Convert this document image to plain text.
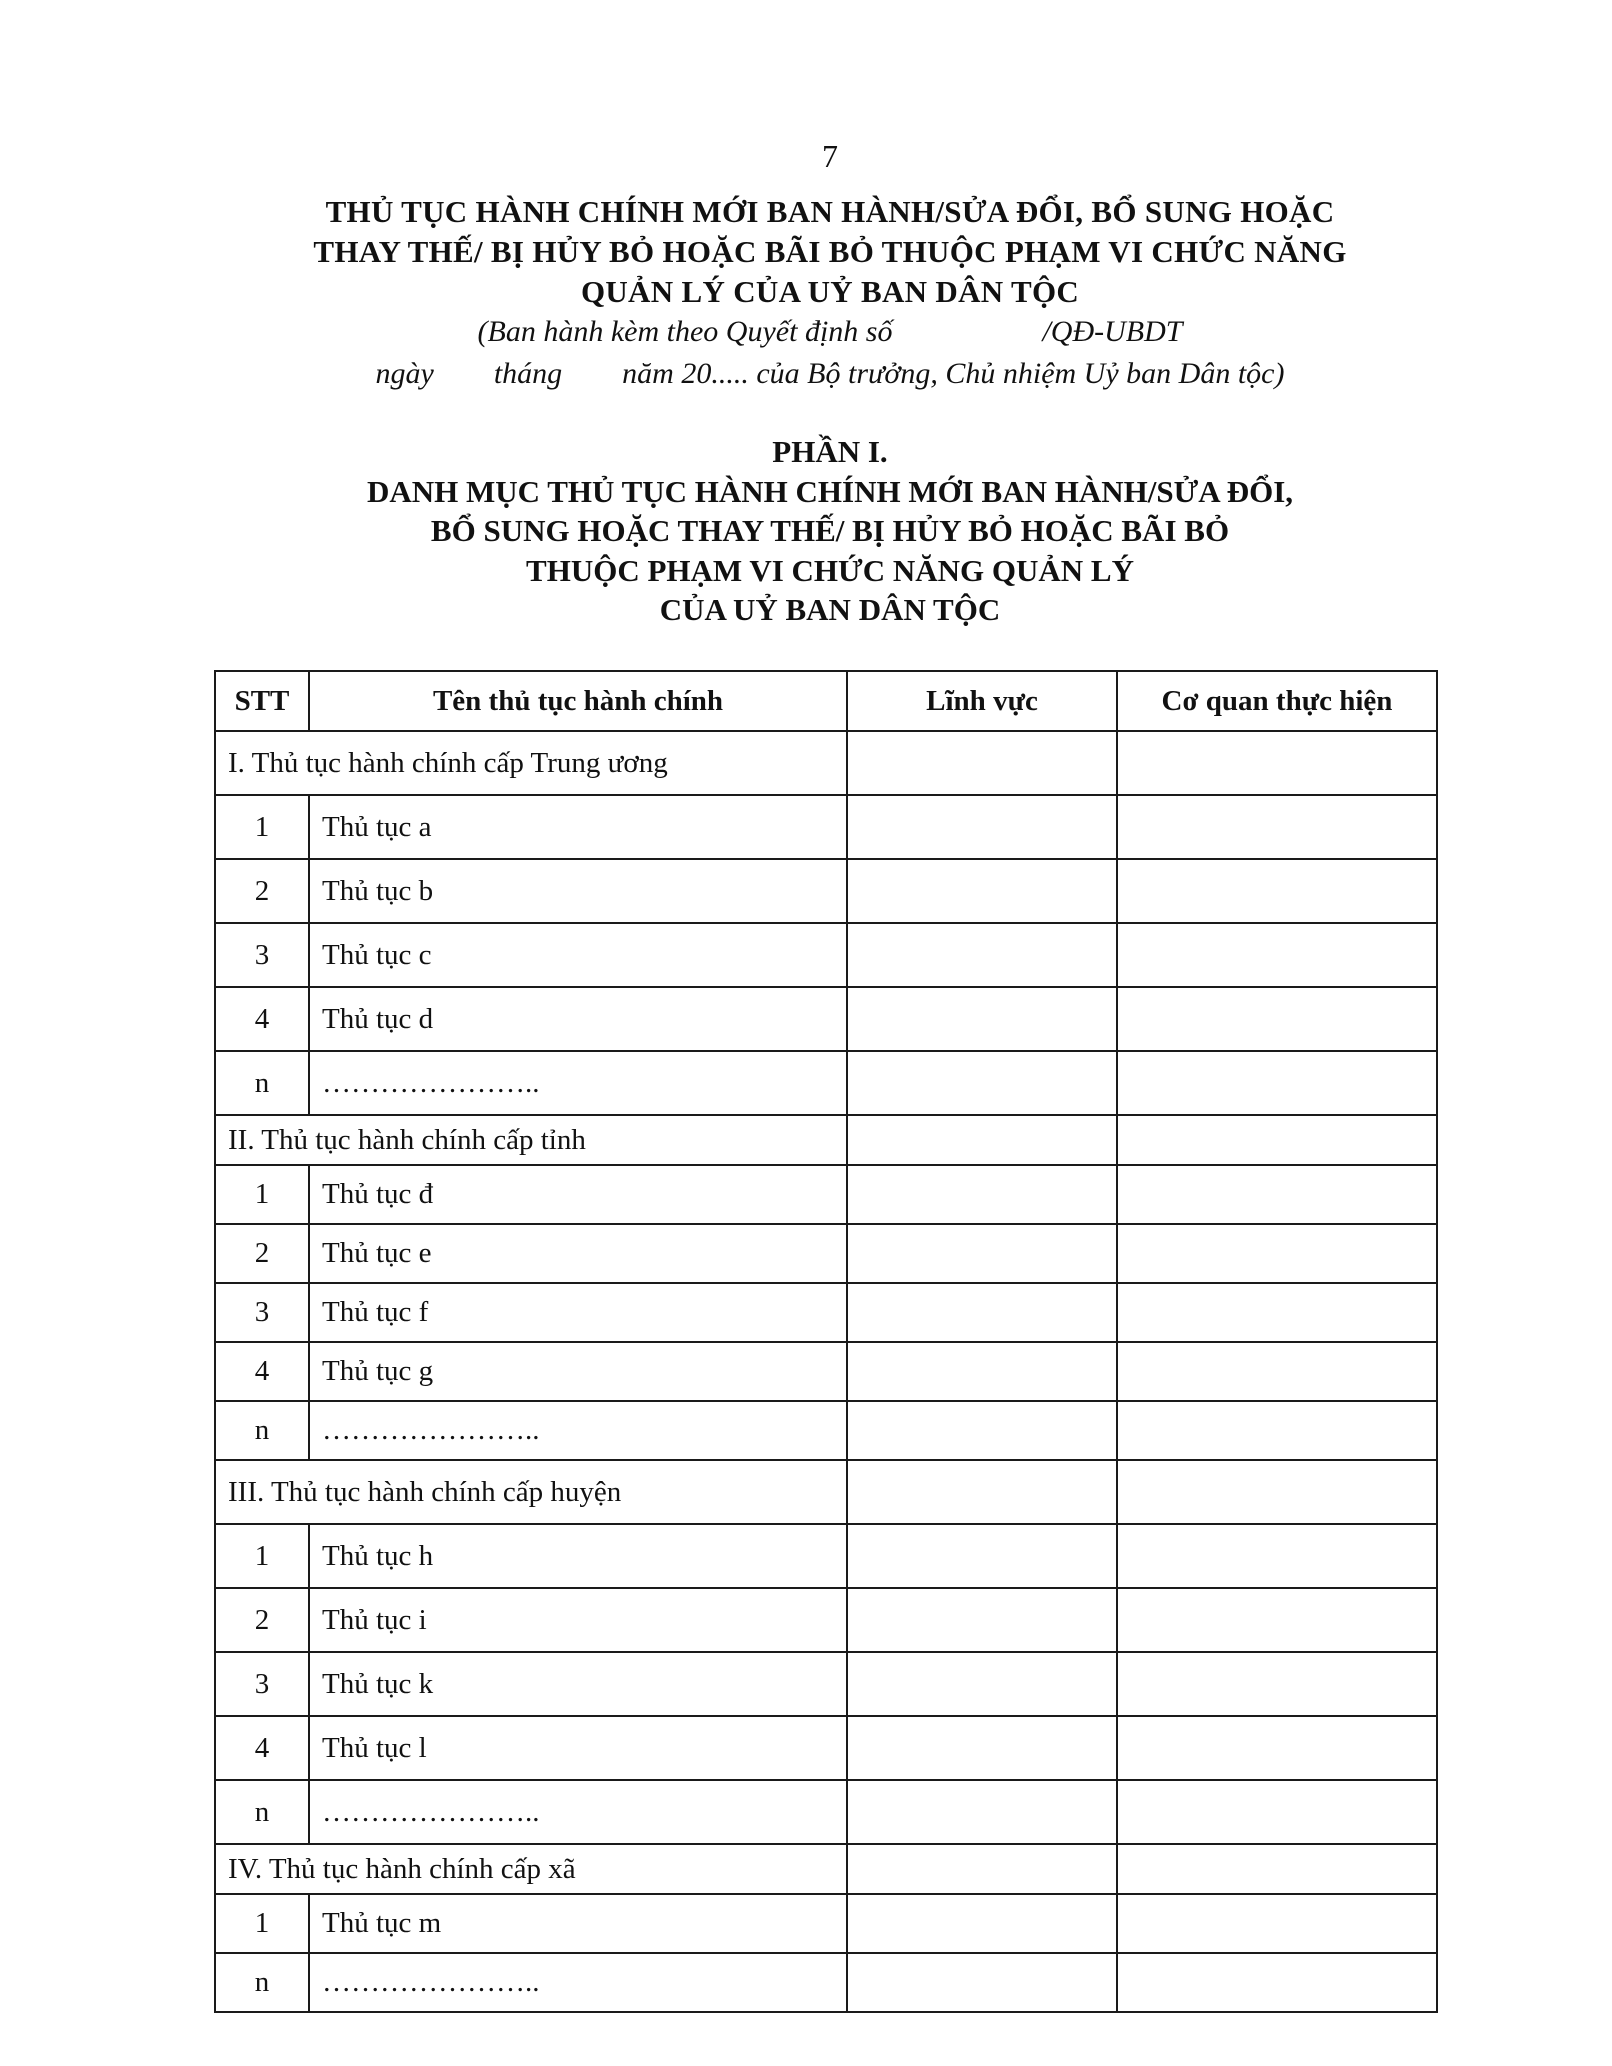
7
THỦ TỤC HÀNH CHÍNH MỚI BAN HÀNH/SỬA ĐỔI, BỔ SUNG HOẶC
THAY THẾ/ BỊ HỦY BỎ HOẶC BÃI BỎ THUỘC PHẠM VI CHỨC NĂNG
QUẢN LÝ CỦA UỶ BAN DÂN TỘC
(Ban hành kèm theo Quyết định số	/QĐ-UBDT
ngày tháng năm 20..... của Bộ trưởng, Chủ nhiệm Uỷ ban Dân tộc)
PHẦN I.
DANH MỤC THỦ TỤC HÀNH CHÍNH MỚI BAN HÀNH/SỬA ĐỔI,
BỔ SUNG HOẶC THAY THẾ/ BỊ HỦY BỎ HOẶC BÃI BỎ
THUỘC PHẠM VI CHỨC NĂNG QUẢN LÝ
CỦA UỶ BAN DÂN TỘC
STT	Tên thủ tục hành chính	Lĩnh vực	Cơ quan thực hiện
I. Thủ tục hành chính cấp Trung ương			
1	Thủ tục a		
2	Thủ tục b		
3	Thủ tục c		
4	Thủ tục d		
n	…………………..		
II. Thủ tục hành chính cấp tỉnh			
1	Thủ tục đ		
2	Thủ tục e		
3	Thủ tục f		
4	Thủ tục g		
n	…………………..		
III. Thủ tục hành chính cấp huyện			
1	Thủ tục h		
2	Thủ tục i		
3	Thủ tục k		
4	Thủ tục l		
n	…………………..		
IV. Thủ tục hành chính cấp xã			
1	Thủ tục m		
n	…………………..		
